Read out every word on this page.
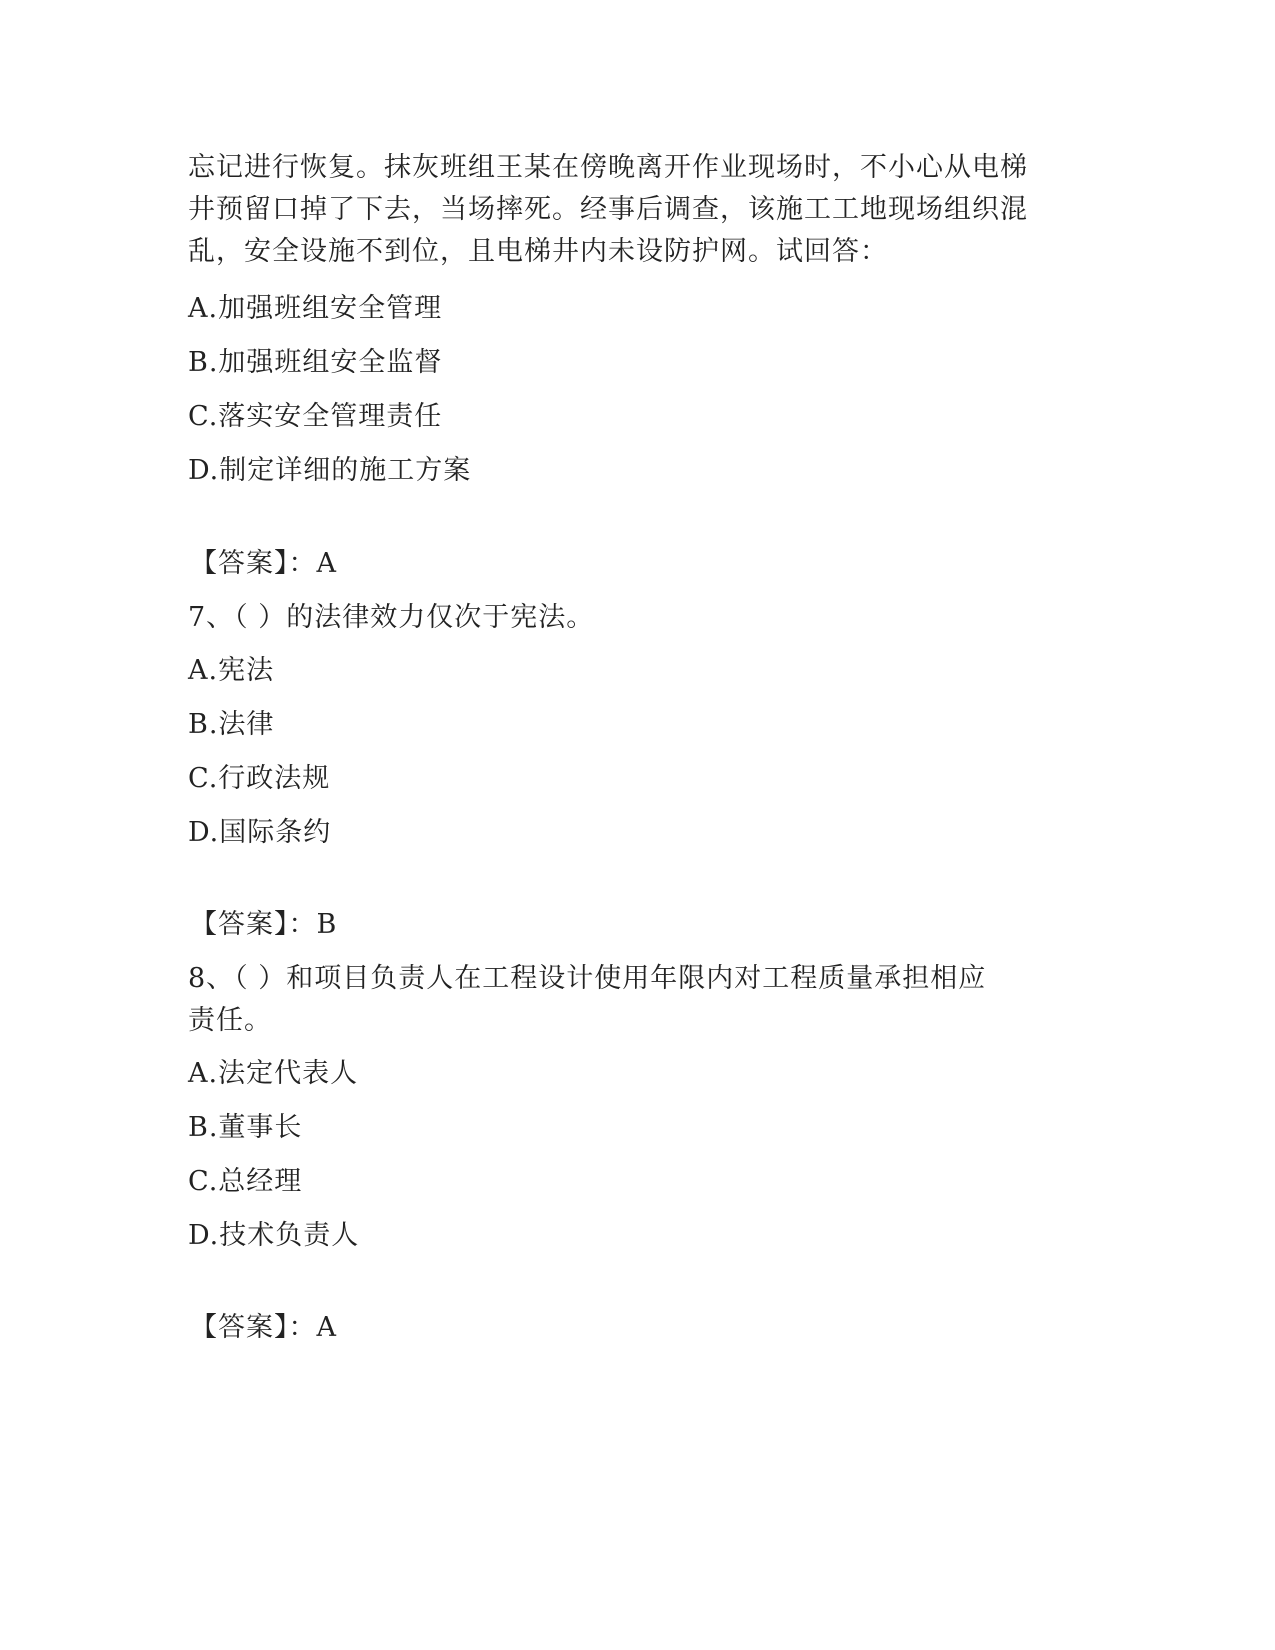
忘记进行恢复。抹灰班组王某在傍晚离开作业现场时，不小心从电梯
井预留口掉了下去，当场摔死。经事后调查，该施工工地现场组织混
乱，安全设施不到位，且电梯井内未设防护网。试回答：
A.加强班组安全管理
B.加强班组安全监督
C.落实安全管理责任
D.制定详细的施工方案
【答案】：A
7、（ ）的法律效力仅次于宪法。
A.宪法
B.法律
C.行政法规
D.国际条约
【答案】：B
8、（ ）和项目负责人在工程设计使用年限内对工程质量承担相应
责任。
A.法定代表人
B.董事长
C.总经理
D.技术负责人
【答案】：A
